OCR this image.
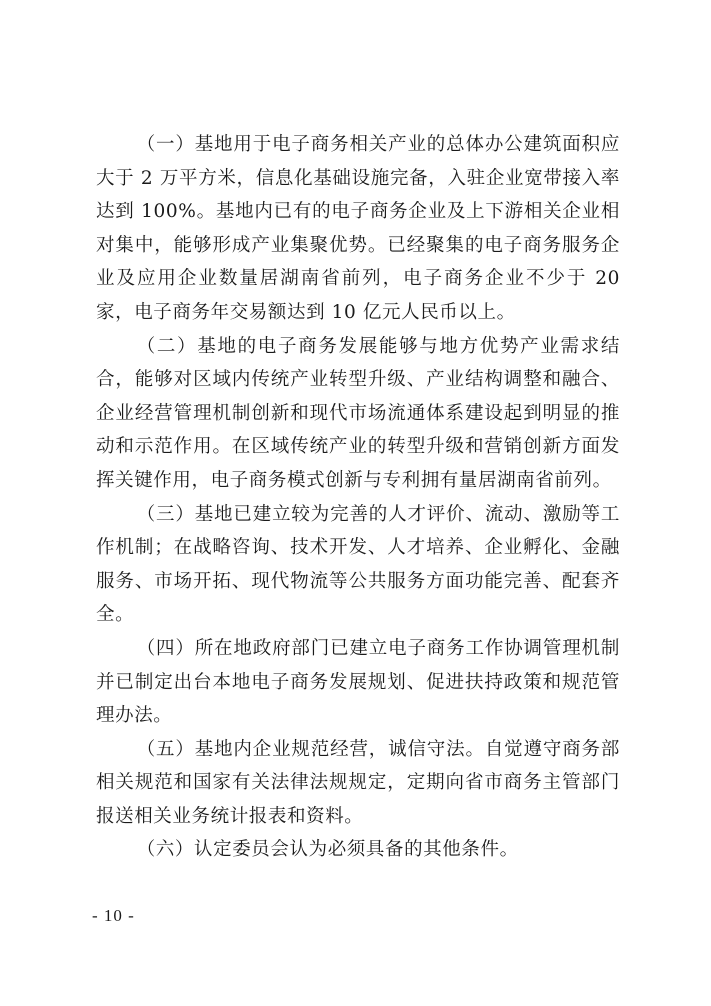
（一）基地用于电子商务相关产业的总体办公建筑面积应大于 2 万平方米，信息化基础设施完备，入驻企业宽带接入率达到 100%。基地内已有的电子商务企业及上下游相关企业相对集中，能够形成产业集聚优势。已经聚集的电子商务服务企业及应用企业数量居湖南省前列，电子商务企业不少于 20 家，电子商务年交易额达到 10 亿元人民币以上。

（二）基地的电子商务发展能够与地方优势产业需求结合，能够对区域内传统产业转型升级、产业结构调整和融合、企业经营管理机制创新和现代市场流通体系建设起到明显的推动和示范作用。在区域传统产业的转型升级和营销创新方面发挥关键作用，电子商务模式创新与专利拥有量居湖南省前列。

（三）基地已建立较为完善的人才评价、流动、激励等工作机制；在战略咨询、技术开发、人才培养、企业孵化、金融服务、市场开拓、现代物流等公共服务方面功能完善、配套齐全。

（四）所在地政府部门已建立电子商务工作协调管理机制并已制定出台本地电子商务发展规划、促进扶持政策和规范管理办法。

（五）基地内企业规范经营，诚信守法。自觉遵守商务部相关规范和国家有关法律法规规定，定期向省市商务主管部门报送相关业务统计报表和资料。

（六）认定委员会认为必须具备的其他条件。

- 10 -
